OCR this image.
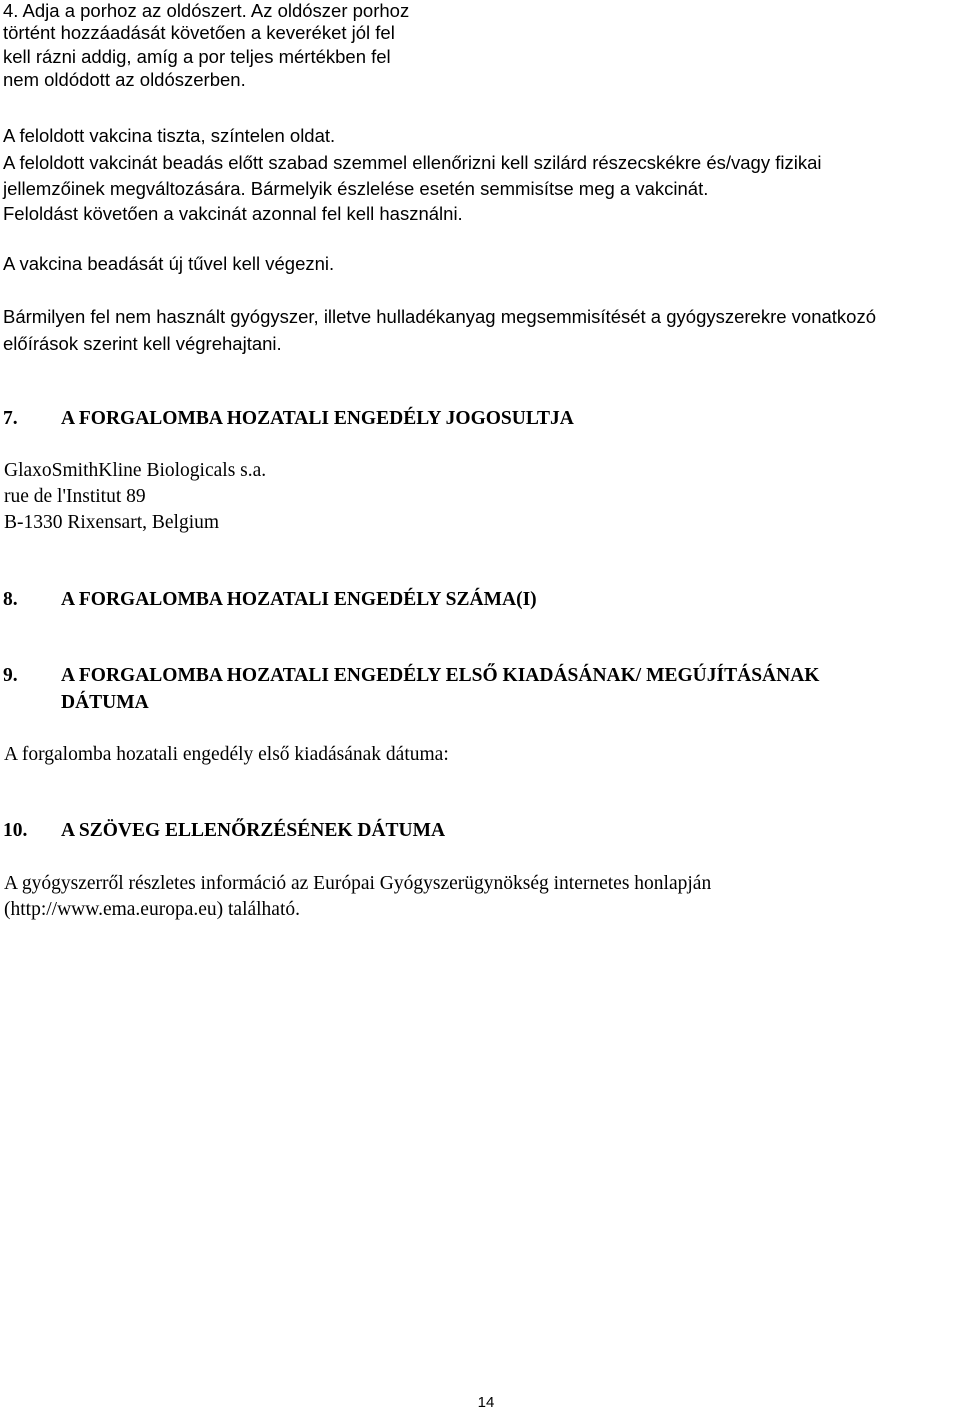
4. Adja a porhoz az oldószert. Az oldószer porhoz

történt hozzáadását követően a keveréket jól fel

kell rázni addig, amíg a por teljes mértékben fel

nem oldódott az oldószerben.

A feloldott vakcina tiszta, színtelen oldat.

A feloldott vakcinát beadás előtt szabad szemmel ellenőrizni kell szilárd részecskékre és/vagy fizikai

jellemzőinek megváltozására. Bármelyik észlelése esetén semmisítse meg a vakcinát.

Feloldást követően a vakcinát azonnal fel kell használni.

A vakcina beadását új tűvel kell végezni.

Bármilyen fel nem használt gyógyszer, illetve hulladékanyag megsemmisítését a gyógyszerekre vonatkozó

előírások szerint kell végrehajtani.

7.	A FORGALOMBA HOZATALI ENGEDÉLY JOGOSULTJA

GlaxoSmithKline Biologicals s.a.

rue de l'Institut 89

B-1330 Rixensart, Belgium

8.	A FORGALOMBA HOZATALI ENGEDÉLY SZÁMA(I)
9.	A FORGALOMBA HOZATALI ENGEDÉLY ELSŐ KIADÁSÁNAK/ MEGÚJÍTÁSÁNAK
DÁTUMA

A forgalomba hozatali engedély első kiadásának dátuma:

10.	A SZÖVEG ELLENŐRZÉSÉNEK DÁTUMA

A gyógyszerről részletes információ az Európai Gyógyszerügynökség internetes honlapján

(http://www.ema.europa.eu) található.

14
